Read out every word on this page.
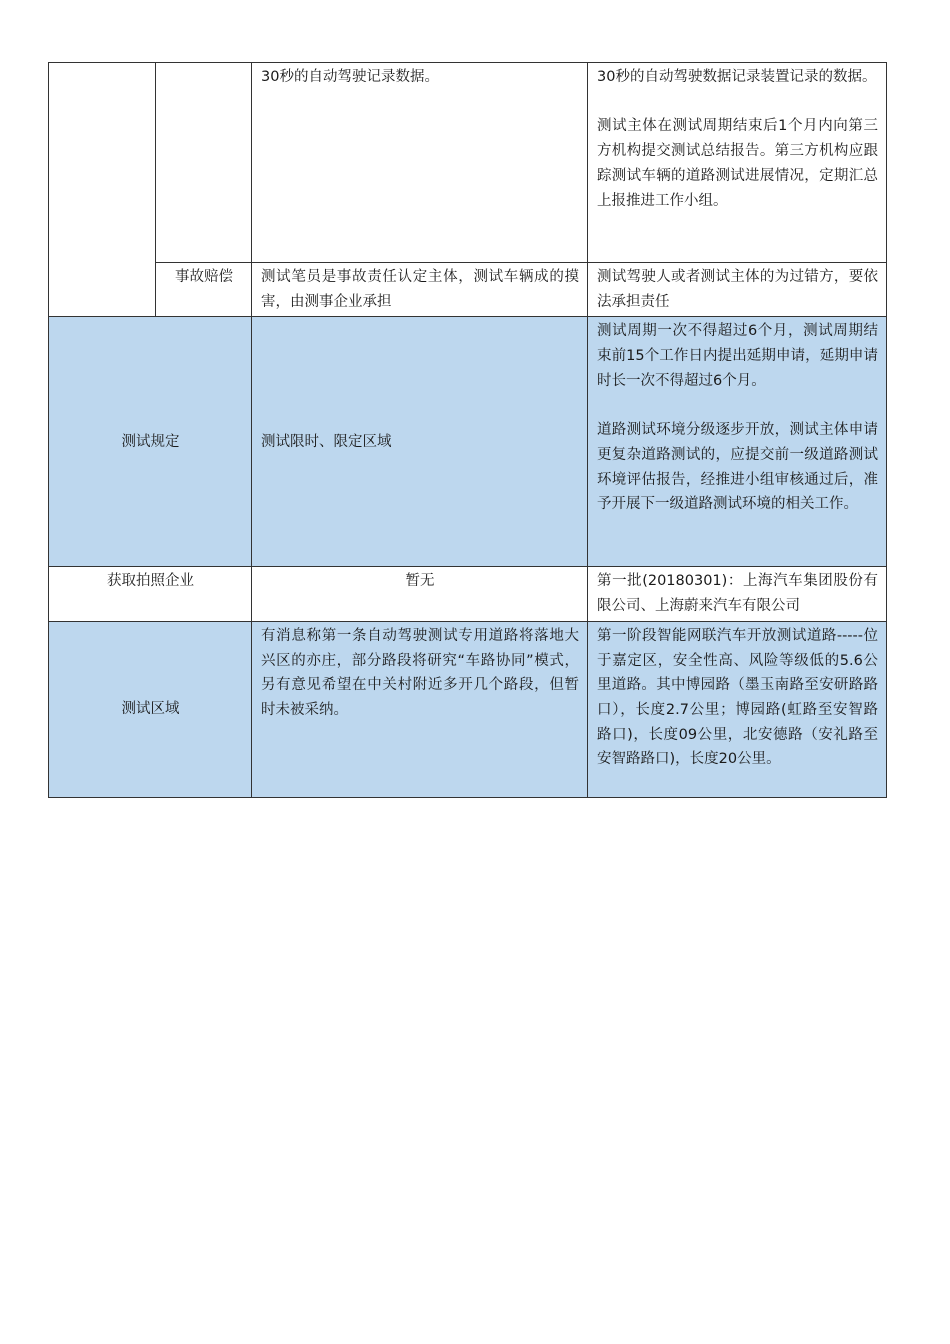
		30秒的自动驾驶记录数据。	30秒的自动驾驶数据记录装置记录的数据。
测试主体在测试周期结束后1个月内向第三方机构提交测试总结报告。第三方机构应跟踪测试车辆的道路测试进展情况，定期汇总上报推进工作小组。

	事故赔偿	测试笔员是事故责任认定主体，测试车辆成的摸害，由测事企业承担	测试驾驶人或者测试主体的为过错方，要依法承担责任

测试规定		测试限时、限定区域	测试周期一次不得超过6个月，测试周期结束前15个工作日内提出延期申请，延期申请时长一次不得超过6个月。
道路测试环境分级逐步开放，测试主体申请更复杂道路测试的，应提交前一级道路测试环境评估报告，经推进小组审核通过后，准予开展下一级道路测试环境的相关工作。

获取拍照企业		暂无	第一批(20180301)：上海汽车集团股份有限公司、上海蔚来汽车有限公司

测试区域		有消息称第一条自动驾驶测试专用道路将落地大兴区的亦庄，部分路段将研究“车路协同”模式，另有意见希望在中关村附近多开几个路段，但暂时未被采纳。	第一阶段智能网联汽车开放测试道路-----位于嘉定区，安全性高、风险等级低的5.6公里道路。其中博园路（墨玉南路至安研路路口），长度2.7公里；博园路(虹路至安智路路口)，长度09公里，北安德路（安礼路至安智路路口)，长度20公里。
